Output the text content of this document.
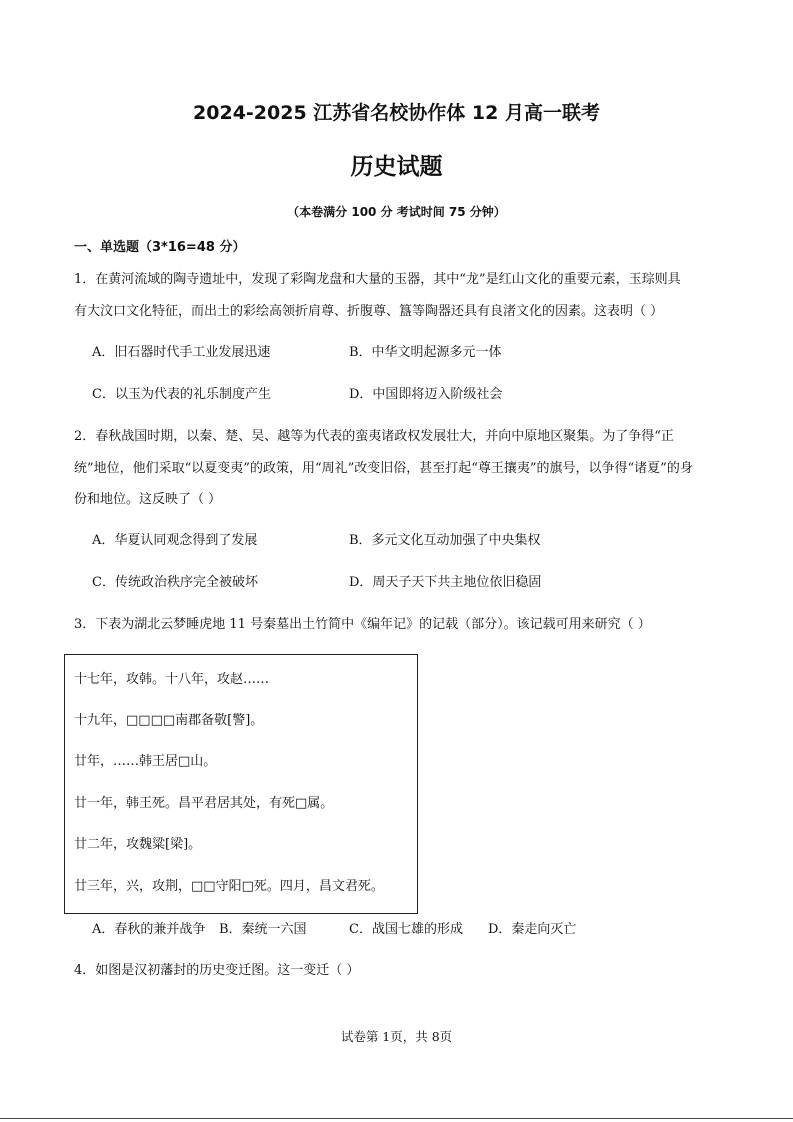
2024-2025 江苏省名校协作体 12 月高一联考
历史试题
（本卷满分 100 分 考试时间 75 分钟）
一、单选题（3*16=48 分）
1．在黄河流域的陶寺遗址中，发现了彩陶龙盘和大量的玉器，其中“龙”是红山文化的重要元素，玉琮则具
有大汶口文化特征，而出土的彩绘高领折肩尊、折腹尊、簋等陶器还具有良渚文化的因素。这表明（ ）
A．旧石器时代手工业发展迅速	B．中华文明起源多元一体
C．以玉为代表的礼乐制度产生	D．中国即将迈入阶级社会
2．春秋战国时期，以秦、楚、吴、越等为代表的蛮夷诸政权发展壮大，并向中原地区聚集。为了争得“正
统”地位，他们采取“以夏变夷”的政策，用“周礼”改变旧俗，甚至打起“尊王攘夷”的旗号，以争得“诸夏”的身
份和地位。这反映了（ ）
A．华夏认同观念得到了发展	B．多元文化互动加强了中央集权
C．传统政治秩序完全被破坏	D．周天子天下共主地位依旧稳固
3．下表为湖北云梦睡虎地 11 号秦墓出土竹简中《编年记》的记载（部分）。该记载可用来研究（ ）
十七年，攻韩。十八年，攻赵……
十九年，□□□□南郡备敬[警]。
廿年，……韩王居□山。
廿一年，韩王死。昌平君居其处，有死□属。
廿二年，攻魏粱[梁]。
廿三年，兴，攻荆，□□守阳□死。四月，昌文君死。
A．春秋的兼并战争 B．秦统一六国	C．战国七雄的形成 D．秦走向灭亡
4．如图是汉初藩封的历史变迁图。这一变迁（ ）
试卷第 1页，共 8页
